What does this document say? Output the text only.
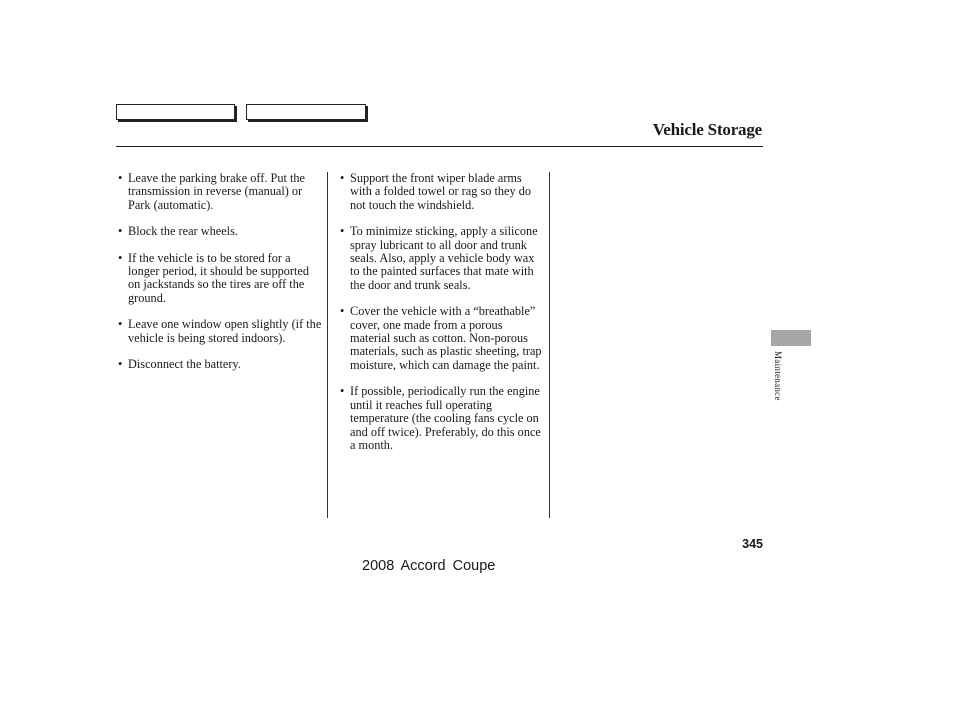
Vehicle Storage
• Leave the parking brake off. Put the transmission in reverse (manual) or Park (automatic).
• Block the rear wheels.
• If the vehicle is to be stored for a longer period, it should be supported on jackstands so the tires are off the ground.
• Leave one window open slightly (if the vehicle is being stored indoors).
• Disconnect the battery.
• Support the front wiper blade arms with a folded towel or rag so they do not touch the windshield.
• To minimize sticking, apply a silicone spray lubricant to all door and trunk seals. Also, apply a vehicle body wax to the painted surfaces that mate with the door and trunk seals.
• Cover the vehicle with a “breathable” cover, one made from a porous material such as cotton. Non-porous materials, such as plastic sheeting, trap moisture, which can damage the paint.
• If possible, periodically run the engine until it reaches full operating temperature (the cooling fans cycle on and off twice). Preferably, do this once a month.
Maintenance
345
2008 Accord Coupe
